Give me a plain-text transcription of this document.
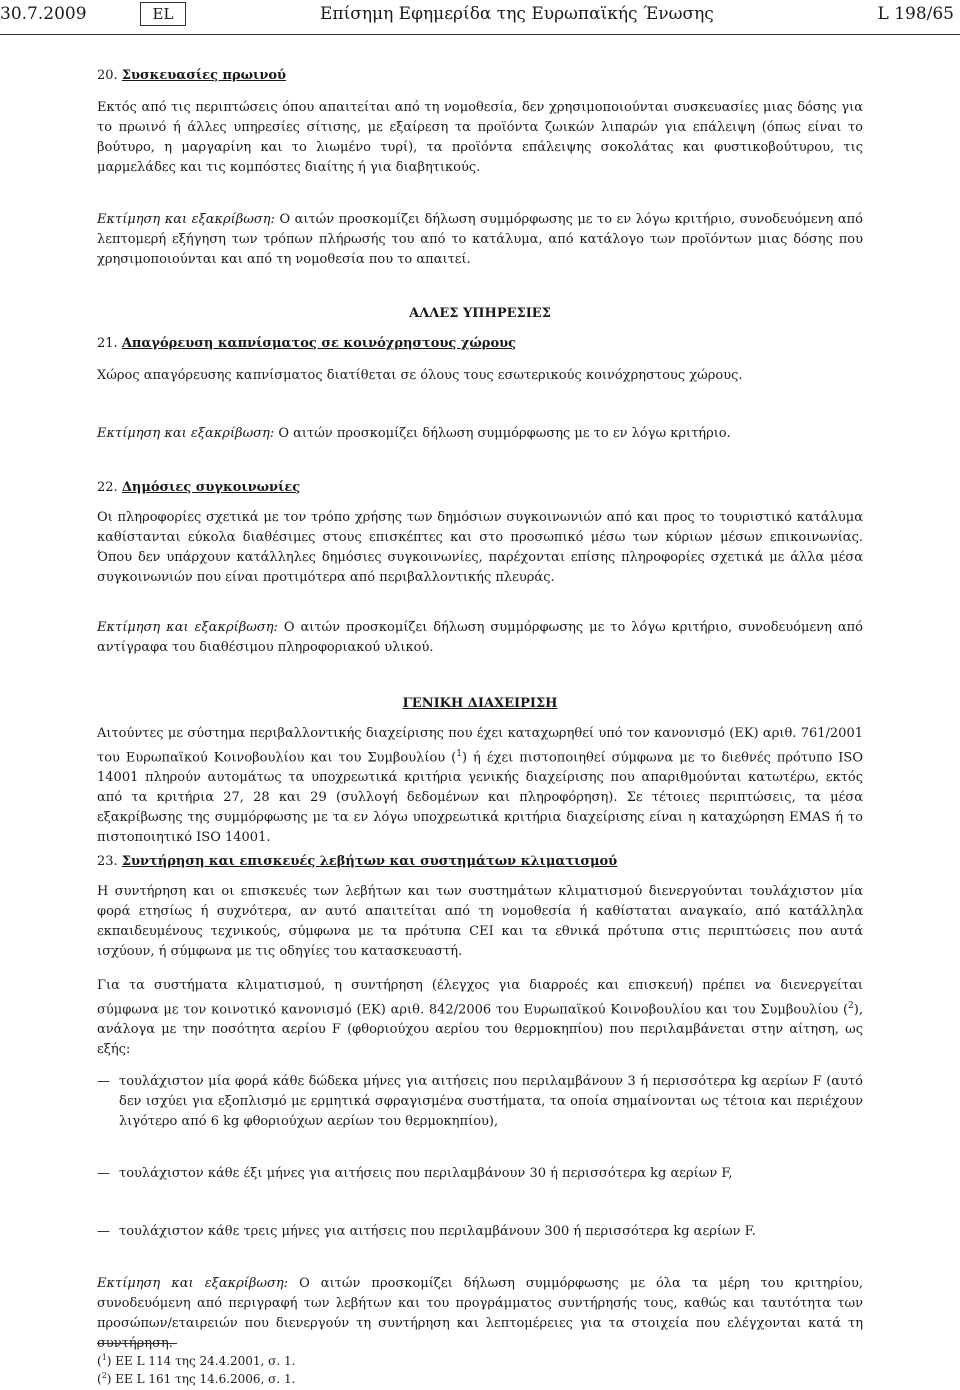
30.7.2009	EL	Επίσημη Εφημερίδα της Ευρωπαϊκής Ένωσης	L 198/65

20. Συσκευασίες πρωινού

Εκτός από τις περιπτώσεις όπου απαιτείται από τη νομοθεσία, δεν χρησιμοποιούνται συσκευασίες μιας δόσης για το πρωινό ή άλλες υπηρεσίες σίτισης, με εξαίρεση τα προϊόντα ζωικών λιπαρών για επάλειψη (όπως είναι το βούτυρο, η μαργαρίνη και το λιωμένο τυρί), τα προϊόντα επάλειψης σοκολάτας και φυστικοβούτυρου, τις μαρμελάδες και τις κομπόστες διαίτης ή για διαβητικούς.

Εκτίμηση και εξακρίβωση: Ο αιτών προσκομίζει δήλωση συμμόρφωσης με το εν λόγω κριτήριο, συνοδευόμενη από λεπτομερή εξήγηση των τρόπων πλήρωσής του από το κατάλυμα, από κατάλογο των προϊόντων μιας δόσης που χρησιμοποιούνται και από τη νομοθεσία που το απαιτεί.

ΑΛΛΕΣ ΥΠΗΡΕΣΙΕΣ

21. Απαγόρευση καπνίσματος σε κοινόχρηστους χώρους

Χώρος απαγόρευσης καπνίσματος διατίθεται σε όλους τους εσωτερικούς κοινόχρηστους χώρους.

Εκτίμηση και εξακρίβωση: Ο αιτών προσκομίζει δήλωση συμμόρφωσης με το εν λόγω κριτήριο.

22. Δημόσιες συγκοινωνίες

Οι πληροφορίες σχετικά με τον τρόπο χρήσης των δημόσιων συγκοινωνιών από και προς το τουριστικό κατάλυμα καθίστανται εύκολα διαθέσιμες στους επισκέπτες και στο προσωπικό μέσω των κύριων μέσων επικοινωνίας. Όπου δεν υπάρχουν κατάλληλες δημόσιες συγκοινωνίες, παρέχονται επίσης πληροφορίες σχετικά με άλλα μέσα συγκοινωνιών που είναι προτιμότερα από περιβαλλοντικής πλευράς.

Εκτίμηση και εξακρίβωση: Ο αιτών προσκομίζει δήλωση συμμόρφωσης με το λόγω κριτήριο, συνοδευόμενη από αντίγραφα του διαθέσιμου πληροφοριακού υλικού.

ΓΕΝΙΚΗ ΔΙΑΧΕΙΡΙΣΗ

Αιτούντες με σύστημα περιβαλλοντικής διαχείρισης που έχει καταχωρηθεί υπό τον κανονισμό (ΕΚ) αριθ. 761/2001 του Ευρωπαϊκού Κοινοβουλίου και του Συμβουλίου ($^1$) ή έχει πιστοποιηθεί σύμφωνα με το διεθνές πρότυπο ISO 14001 πληρούν αυτομάτως τα υποχρεωτικά κριτήρια γενικής διαχείρισης που απαριθμούνται κατωτέρω, εκτός από τα κριτήρια 27, 28 και 29 (συλλογή δεδομένων και πληροφόρηση). Σε τέτοιες περιπτώσεις, τα μέσα εξακρίβωσης της συμμόρφωσης με τα εν λόγω υποχρεωτικά κριτήρια διαχείρισης είναι η καταχώρηση EMAS ή το πιστοποιητικό ISO 14001.

23. Συντήρηση και επισκευές λεβήτων και συστημάτων κλιματισμού

Η συντήρηση και οι επισκευές των λεβήτων και των συστημάτων κλιματισμού διενεργούνται τουλάχιστον μία φορά ετησίως ή συχνότερα, αν αυτό απαιτείται από τη νομοθεσία ή καθίσταται αναγκαίο, από κατάλληλα εκπαιδευμένους τεχνικούς, σύμφωνα με τα πρότυπα CEI και τα εθνικά πρότυπα στις περιπτώσεις που αυτά ισχύουν, ή σύμφωνα με τις οδηγίες του κατασκευαστή.

Για τα συστήματα κλιματισμού, η συντήρηση (έλεγχος για διαρροές και επισκευή) πρέπει να διενεργείται σύμφωνα με τον κοινοτικό κανονισμό (ΕΚ) αριθ. 842/2006 του Ευρωπαϊκού Κοινοβουλίου και του Συμβουλίου ($^2$), ανάλογα με την ποσότητα αερίου F (φθοριούχου αερίου του θερμοκηπίου) που περιλαμβάνεται στην αίτηση, ως εξής:

— τουλάχιστον μία φορά κάθε δώδεκα μήνες για αιτήσεις που περιλαμβάνουν 3 ή περισσότερα kg αερίων F (αυτό δεν ισχύει για εξοπλισμό με ερμητικά σφραγισμένα συστήματα, τα οποία σημαίνονται ως τέτοια και περιέχουν λιγότερο από 6 kg φθοριούχων αερίων του θερμοκηπίου),
— τουλάχιστον κάθε έξι μήνες για αιτήσεις που περιλαμβάνουν 30 ή περισσότερα kg αερίων F,
— τουλάχιστον κάθε τρεις μήνες για αιτήσεις που περιλαμβάνουν 300 ή περισσότερα kg αερίων F.

Εκτίμηση και εξακρίβωση: Ο αιτών προσκομίζει δήλωση συμμόρφωσης με όλα τα μέρη του κριτηρίου, συνοδευόμενη από περιγραφή των λεβήτων και του προγράμματος συντήρησής τους, καθώς και ταυτότητα των προσώπων/εταιρειών που διενεργούν τη συντήρηση και λεπτομέρειες για τα στοιχεία που ελέγχονται κατά τη συντήρηση.

($^1$) ΕΕ L 114 της 24.4.2001, σ. 1.
($^2$) ΕΕ L 161 της 14.6.2006, σ. 1.
